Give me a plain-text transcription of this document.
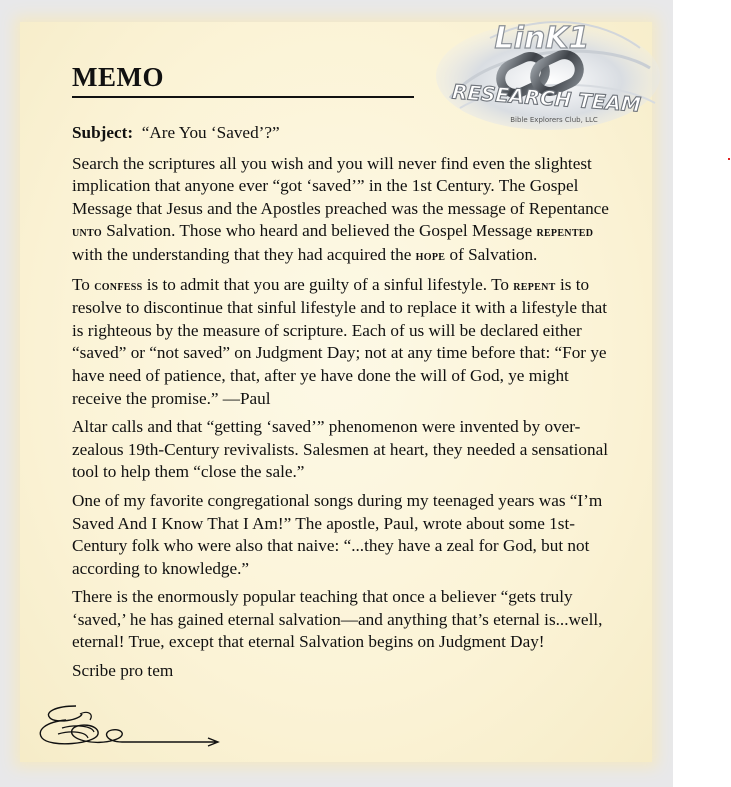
MEMO
LinK1
RESEARCH TEAM
Bible Explorers Club, LLC

Subject: “Are You ‘Saved’?”

Search the scriptures all you wish and you will never find even the slightest implication that anyone ever “got ‘saved’” in the 1st Century. The Gospel Message that Jesus and the Apostles preached was the message of Repentance unto Salvation. Those who heard and believed the Gospel Message repented with the understanding that they had acquired the hope of Salvation.

To confess is to admit that you are guilty of a sinful lifestyle. To repent is to resolve to discontinue that sinful lifestyle and to replace it with a lifestyle that is righteous by the measure of scripture. Each of us will be declared either “saved” or “not saved” on Judgment Day; not at any time before that: “For ye have need of patience, that, after ye have done the will of God, ye might receive the promise.” —Paul

Altar calls and that “getting ‘saved’” phenomenon were invented by over-zealous 19th-Century revivalists. Salesmen at heart, they needed a sensational tool to help them “close the sale.”

One of my favorite congregational songs during my teenaged years was “I’m Saved And I Know That I Am!” The apostle, Paul, wrote about some 1st-Century folk who were also that naive: “...they have a zeal for God, but not according to knowledge.”

There is the enormously popular teaching that once a believer “gets truly ‘saved,’ he has gained eternal salvation—and anything that’s eternal is...well, eternal! True, except that eternal Salvation begins on Judgment Day!

Scribe pro tem
